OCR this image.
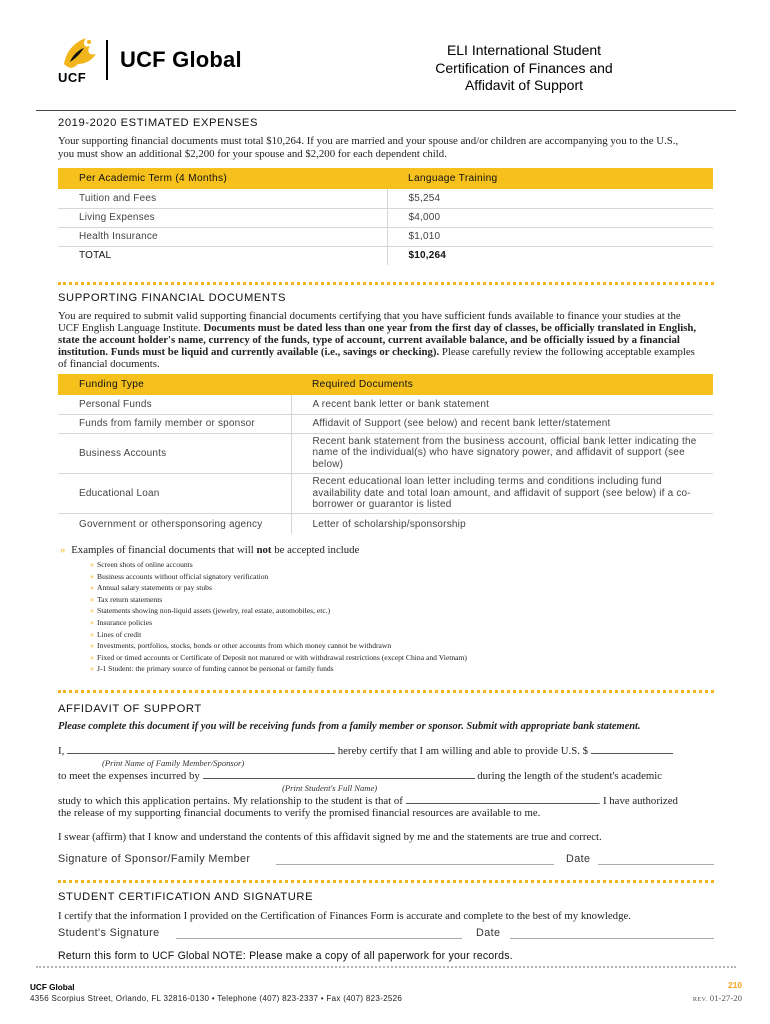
UCF
UCF Global	ELI International Student
Certification of Finances and
Affidavit of Support
2019-2020 ESTIMATED EXPENSES
Your supporting financial documents must total $10,264. If you are married and your spouse and/or children are accompanying you to the U.S.,
you must show an additional $2,200 for your spouse and $2,200 for each dependent child.
Per Academic Term (4 Months)	Language Training
Tuition and Fees	$5,254
Living Expenses	$4,000
Health Insurance	$1,010
TOTAL	$10,264
SUPPORTING FINANCIAL DOCUMENTS
You are required to submit valid supporting financial documents certifying that you have sufficient funds available to finance your studies at the
UCF English Language Institute. Documents must be dated less than one year from the first day of classes, be officially translated in English,
state the account holder's name, currency of the funds, type of account, current available balance, and be officially issued by a financial
institution. Funds must be liquid and currently available (i.e., savings or checking). Please carefully review the following acceptable examples
of financial documents.
Funding Type	Required Documents
Personal Funds	A recent bank letter or bank statement
Funds from family member or sponsor	Affidavit of Support (see below) and recent bank letter/statement
Business Accounts	Recent bank statement from the business account, official bank letter indicating the name of the individual(s) who have signatory power, and affidavit of support (see below)
Educational Loan	Recent educational loan letter including terms and conditions including fund availability date and total loan amount, and affidavit of support (see below) if a co-borrower or guarantor is listed
Government or othersponsoring agency	Letter of scholarship/sponsorship
» Examples of financial documents that will not be accepted include
» Screen shots of online accounts
» Business accounts without official signatory verification
» Annual salary statements or pay stubs
» Tax return statements
» Statements showing non-liquid assets (jewelry, real estate, automobiles, etc.)
» Insurance policies
» Lines of credit
» Investments, portfolios, stocks, bonds or other accounts from which money cannot be withdrawn
» Fixed or timed accounts or Certificate of Deposit not matured or with withdrawal restrictions (except China and Vietnam)
» J-1 Student: the primary source of funding cannot be personal or family funds
AFFIDAVIT OF SUPPORT
Please complete this document if you will be receiving funds from a family member or sponsor. Submit with appropriate bank statement.
I,	hereby certify that I am willing and able to provide U.S. $
(Print Name of Family Member/Sponsor)
to meet the expenses incurred by	during the length of the student's academic
(Print Student's Full Name)
study to which this application pertains. My relationship to the student is that of	. I have authorized
the release of my supporting financial documents to verify the promised financial resources are available to me.
I swear (affirm) that I know and understand the contents of this affidavit signed by me and the statements are true and correct.
Signature of Sponsor/Family Member	Date
STUDENT CERTIFICATION AND SIGNATURE
I certify that the information I provided on the Certification of Finances Form is accurate and complete to the best of my knowledge.
Student's Signature	Date
Return this form to UCF Global NOTE: Please make a copy of all paperwork for your records.
UCF Global
4356 Scorpius Street, Orlando, FL 32816-0130 • Telephone (407) 823-2337 • Fax (407) 823-2526
210
REV. 01-27-20
